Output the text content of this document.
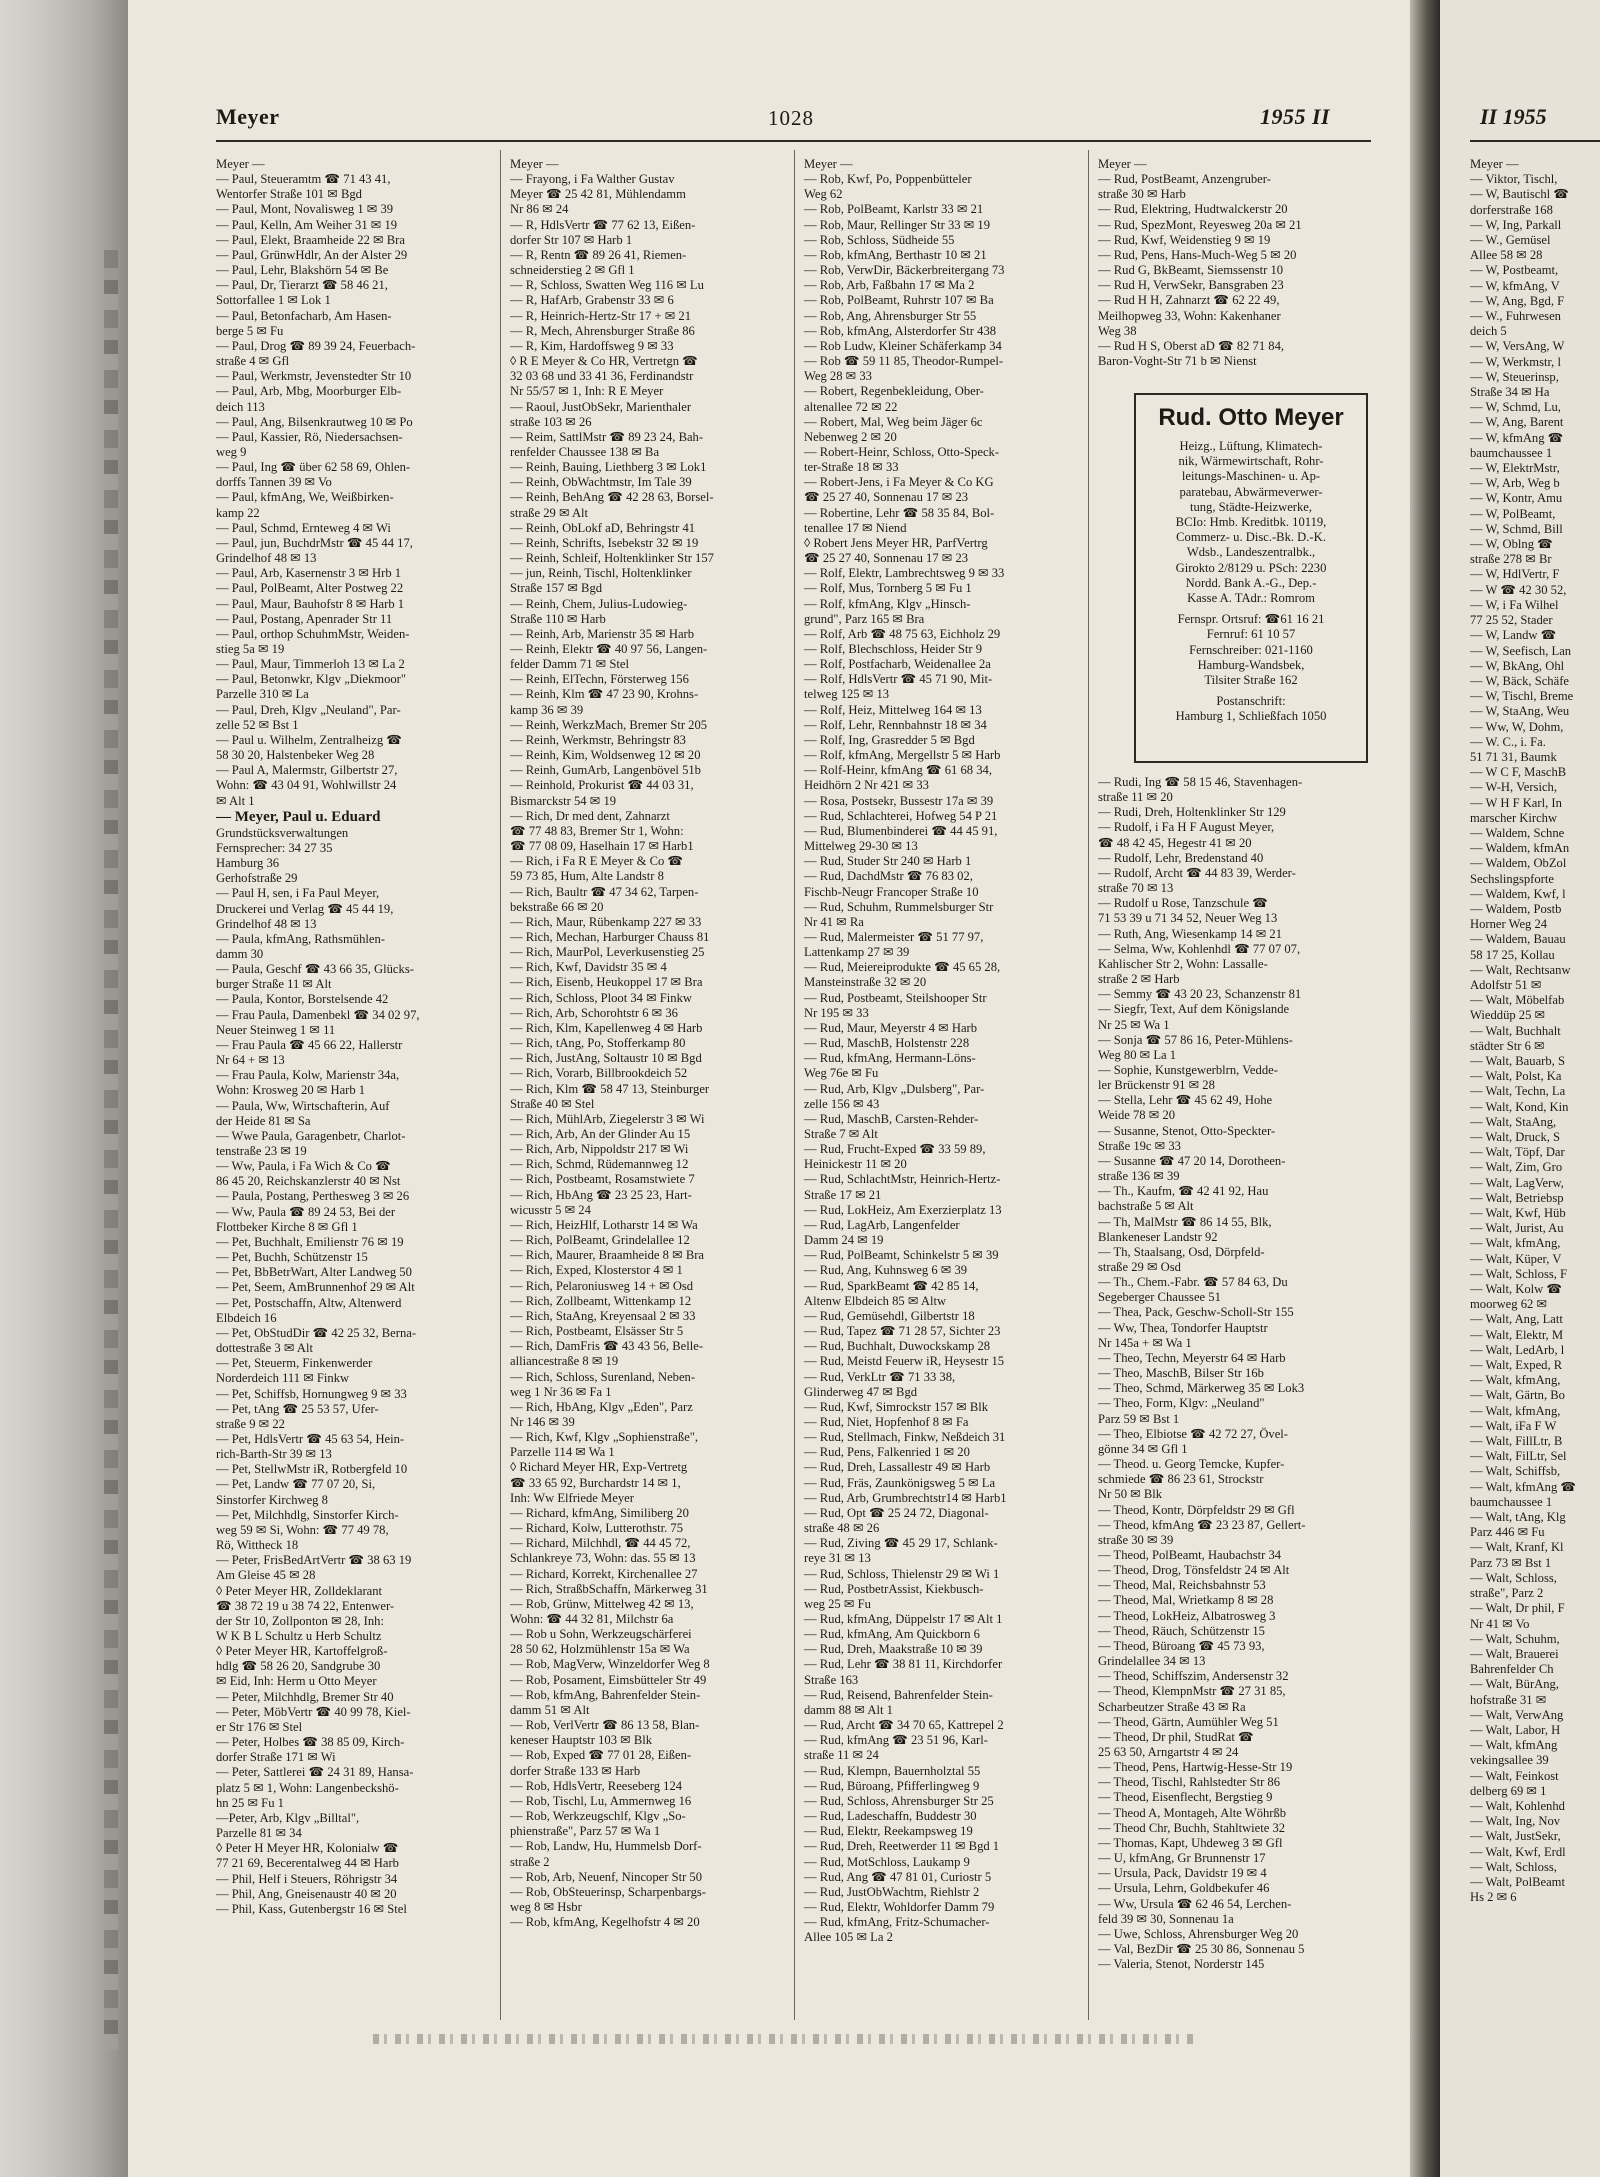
Meyer	1028	1955 II
Meyer —
— Paul, Steueramtm ☎ 71 43 41,
Wentorfer Straße 101 ✉ Bgd
— Paul, Mont, Novalisweg 1 ✉ 39
— Paul, Kelln, Am Weiher 31 ✉ 19
— Paul, Elekt, Braamheide 22 ✉ Bra
— Paul, GrünwHdlr, An der Alster 29
— Paul, Lehr, Blakshörn 54 ✉ Be
— Paul, Dr, Tierarzt ☎ 58 46 21,
Sottorfallee 1 ✉ Lok 1
— Paul, Betonfacharb, Am Hasen-
berge 5 ✉ Fu
— Paul, Drog ☎ 89 39 24, Feuerbach-
straße 4 ✉ Gfl
— Paul, Werkmstr, Jevenstedter Str 10
— Paul, Arb, Mbg, Moorburger Elb-
deich 113
— Paul, Ang, Bilsenkrautweg 10 ✉ Po
— Paul, Kassier, Rö, Niedersachsen-
weg 9
— Paul, Ing ☎ über 62 58 69, Ohlen-
dorffs Tannen 39 ✉ Vo
— Paul, kfmAng, We, Weißbirken-
kamp 22
— Paul, Schmd, Ernteweg 4 ✉ Wi
— Paul, jun, BuchdrMstr ☎ 45 44 17,
Grindelhof 48 ✉ 13
— Paul, Arb, Kasernenstr 3 ✉ Hrb 1
— Paul, PolBeamt, Alter Postweg 22
— Paul, Maur, Bauhofstr 8 ✉ Harb 1
— Paul, Postang, Apenrader Str 11
— Paul, orthop SchuhmMstr, Weiden-
stieg 5a ✉ 19
— Paul, Maur, Timmerloh 13 ✉ La 2
— Paul, Betonwkr, Klgv „Diekmoor"
Parzelle 310 ✉ La
— Paul, Dreh, Klgv „Neuland", Par-
zelle 52 ✉ Bst 1
— Paul u. Wilhelm, Zentralheizg ☎
58 30 20, Halstenbeker Weg 28
— Paul A, Malermstr, Gilbertstr 27,
Wohn: ☎ 43 04 91, Wohlwillstr 24
✉ Alt 1
— Meyer, Paul u. Eduard
Grundstücksverwaltungen
Fernsprecher: 34 27 35
Hamburg 36
Gerhofstraße 29
— Paul H, sen, i Fa Paul Meyer,
Druckerei und Verlag ☎ 45 44 19,
Grindelhof 48 ✉ 13
— Paula, kfmAng, Rathsmühlen-
damm 30
— Paula, Geschf ☎ 43 66 35, Glücks-
burger Straße 11 ✉ Alt
— Paula, Kontor, Borstelsende 42
— Frau Paula, Damenbekl ☎ 34 02 97,
Neuer Steinweg 1 ✉ 11
— Frau Paula ☎ 45 66 22, Hallerstr
Nr 64 + ✉ 13
— Frau Paula, Kolw, Marienstr 34a,
Wohn: Krosweg 20 ✉ Harb 1
— Paula, Ww, Wirtschafterin, Auf
der Heide 81 ✉ Sa
— Wwe Paula, Garagenbetr, Charlot-
tenstraße 23 ✉ 19
— Ww, Paula, i Fa Wich & Co ☎
86 45 20, Reichskanzlerstr 40 ✉ Nst
— Paula, Postang, Perthesweg 3 ✉ 26
— Ww, Paula ☎ 89 24 53, Bei der
Flottbeker Kirche 8 ✉ Gfl 1
— Pet, Buchhalt, Emilienstr 76 ✉ 19
— Pet, Buchh, Schützenstr 15
— Pet, BbBetrWart, Alter Landweg 50
— Pet, Seem, AmBrunnenhof 29 ✉ Alt
— Pet, Postschaffn, Altw, Altenwerd
Elbdeich 16
— Pet, ObStudDir ☎ 42 25 32, Berna-
dottestraße 3 ✉ Alt
— Pet, Steuerm, Finkenwerder
Norderdeich 111 ✉ Finkw
— Pet, Schiffsb, Hornungweg 9 ✉ 33
— Pet, tAng ☎ 25 53 57, Ufer-
straße 9 ✉ 22
— Pet, HdlsVertr ☎ 45 63 54, Hein-
rich-Barth-Str 39 ✉ 13
— Pet, StellwMstr iR, Rotbergfeld 10
— Pet, Landw ☎ 77 07 20, Si,
Sinstorfer Kirchweg 8
— Pet, Milchhdlg, Sinstorfer Kirch-
weg 59 ✉ Si, Wohn: ☎ 77 49 78,
Rö, Wittheck 18
— Peter, FrisBedArtVertr ☎ 38 63 19
Am Gleise 45 ✉ 28
◊ Peter Meyer HR, Zolldeklarant
☎ 38 72 19 u 38 74 22, Entenwer-
der Str 10, Zollponton ✉ 28, Inh:
W K B L Schultz u Herb Schultz
◊ Peter Meyer HR, Kartoffelgroß-
hdlg ☎ 58 26 20, Sandgrube 30
✉ Eid, Inh: Herm u Otto Meyer
— Peter, Milchhdlg, Bremer Str 40
— Peter, MöbVertr ☎ 40 99 78, Kiel-
er Str 176 ✉ Stel
— Peter, Holbes ☎ 38 85 09, Kirch-
dorfer Straße 171 ✉ Wi
— Peter, Sattlerei ☎ 24 31 89, Hansa-
platz 5 ✉ 1, Wohn: Langenbeckshö-
hn 25 ✉ Fu 1
—Peter, Arb, Klgv „Billtal",
Parzelle 81 ✉ 34
◊ Peter H Meyer HR, Kolonialw ☎
77 21 69, Becerentalweg 44 ✉ Harb
— Phil, Helf i Steuers, Röhrigstr 34
— Phil, Ang, Gneisenaustr 40 ✉ 20
— Phil, Kass, Gutenbergstr 16 ✉ Stel
Meyer —
— Frayong, i Fa Walther Gustav
Meyer ☎ 25 42 81, Mühlendamm
Nr 86 ✉ 24
— R, HdlsVertr ☎ 77 62 13, Eißen-
dorfer Str 107 ✉ Harb 1
— R, Rentn ☎ 89 26 41, Riemen-
schneiderstieg 2 ✉ Gfl 1
— R, Schloss, Swatten Weg 116 ✉ Lu
— R, HafArb, Grabenstr 33 ✉ 6
— R, Heinrich-Hertz-Str 17 + ✉ 21
— R, Mech, Ahrensburger Straße 86
— R, Kim, Hardoffsweg 9 ✉ 33
◊ R E Meyer & Co HR, Vertretgn ☎
32 03 68 und 33 41 36, Ferdinandstr
Nr 55/57 ✉ 1, Inh: R E Meyer
— Raoul, JustObSekr, Marienthaler
straße 103 ✉ 26
— Reim, SattlMstr ☎ 89 23 24, Bah-
renfelder Chaussee 138 ✉ Ba
— Reinh, Bauing, Liethberg 3 ✉ Lok1
— Reinh, ObWachtmstr, Im Tale 39
— Reinh, BehAng ☎ 42 28 63, Borsel-
straße 29 ✉ Alt
— Reinh, ObLokf aD, Behringstr 41
— Reinh, Schrifts, Isebekstr 32 ✉ 19
— Reinh, Schleif, Holtenklinker Str 157
— jun, Reinh, Tischl, Holtenklinker
Straße 157 ✉ Bgd
— Reinh, Chem, Julius-Ludowieg-
Straße 110 ✉ Harb
— Reinh, Arb, Marienstr 35 ✉ Harb
— Reinh, Elektr ☎ 40 97 56, Langen-
felder Damm 71 ✉ Stel
— Reinh, ElTechn, Försterweg 156
— Reinh, Klm ☎ 47 23 90, Krohns-
kamp 36 ✉ 39
— Reinh, WerkzMach, Bremer Str 205
— Reinh, Werkmstr, Behringstr 83
— Reinh, Kim, Woldsenweg 12 ✉ 20
— Reinh, GumArb, Langenbövel 51b
— Reinhold, Prokurist ☎ 44 03 31,
Bismarckstr 54 ✉ 19
— Rich, Dr med dent, Zahnarzt
☎ 77 48 83, Bremer Str 1, Wohn:
☎ 77 08 09, Haselhain 17 ✉ Harb1
— Rich, i Fa R E Meyer & Co ☎
59 73 85, Hum, Alte Landstr 8
— Rich, Baultr ☎ 47 34 62, Tarpen-
bekstraße 66 ✉ 20
— Rich, Maur, Rübenkamp 227 ✉ 33
— Rich, Mechan, Harburger Chauss 81
— Rich, MaurPol, Leverkusenstieg 25
— Rich, Kwf, Davidstr 35 ✉ 4
— Rich, Eisenb, Heukoppel 17 ✉ Bra
— Rich, Schloss, Ploot 34 ✉ Finkw
— Rich, Arb, Schorohtstr 6 ✉ 36
— Rich, Klm, Kapellenweg 4 ✉ Harb
— Rich, tAng, Po, Stofferkamp 80
— Rich, JustAng, Soltaustr 10 ✉ Bgd
— Rich, Vorarb, Billbrookdeich 52
— Rich, Klm ☎ 58 47 13, Steinburger
Straße 40 ✉ Stel
— Rich, MühlArb, Ziegelerstr 3 ✉ Wi
— Rich, Arb, An der Glinder Au 15
— Rich, Arb, Nippoldstr 217 ✉ Wi
— Rich, Schmd, Rüdemannweg 12
— Rich, Postbeamt, Rosamstwiete 7
— Rich, HbAng ☎ 23 25 23, Hart-
wicusstr 5 ✉ 24
— Rich, HeizHlf, Lotharstr 14 ✉ Wa
— Rich, PolBeamt, Grindelallee 12
— Rich, Maurer, Braamheide 8 ✉ Bra
— Rich, Exped, Klosterstor 4 ✉ 1
— Rich, Pelaroniusweg 14 + ✉ Osd
— Rich, Zollbeamt, Wittenkamp 12
— Rich, StaAng, Kreyensaal 2 ✉ 33
— Rich, Postbeamt, Elsässer Str 5
— Rich, DamFris ☎ 43 43 56, Belle-
alliancestraße 8 ✉ 19
— Rich, Schloss, Surenland, Neben-
weg 1 Nr 36 ✉ Fa 1
— Rich, HbAng, Klgv „Eden", Parz
Nr 146 ✉ 39
— Rich, Kwf, Klgv „Sophienstraße",
Parzelle 114 ✉ Wa 1
◊ Richard Meyer HR, Exp-Vertretg
☎ 33 65 92, Burchardstr 14 ✉ 1,
Inh: Ww Elfriede Meyer
— Richard, kfmAng, Similiberg 20
— Richard, Kolw, Lutterothstr. 75
— Richard, Milchhdl, ☎ 44 45 72,
Schlankreye 73, Wohn: das. 55 ✉ 13
— Richard, Korrekt, Kirchenallee 27
— Rich, StraßbSchaffn, Märkerweg 31
— Rob, Grünw, Mittelweg 42 ✉ 13,
Wohn: ☎ 44 32 81, Milchstr 6a
— Rob u Sohn, Werkzeugschärferei
28 50 62, Holzmühlenstr 15a ✉ Wa
— Rob, MagVerw, Winzeldorfer Weg 8
— Rob, Posament, Eimsbütteler Str 49
— Rob, kfmAng, Bahrenfelder Stein-
damm 51 ✉ Alt
— Rob, VerlVertr ☎ 86 13 58, Blan-
keneser Hauptstr 103 ✉ Blk
— Rob, Exped ☎ 77 01 28, Eißen-
dorfer Straße 133 ✉ Harb
— Rob, HdlsVertr, Reeseberg 124
— Rob, Tischl, Lu, Ammernweg 16
— Rob, Werkzeugschlf, Klgv „So-
phienstraße", Parz 57 ✉ Wa 1
— Rob, Landw, Hu, Hummelsb Dorf-
straße 2
— Rob, Arb, Neuenf, Nincoper Str 50
— Rob, ObSteuerinsp, Scharpenbargs-
weg 8 ✉ Hsbr
— Rob, kfmAng, Kegelhofstr 4 ✉ 20
Meyer —
— Rob, Kwf, Po, Poppenbütteler
Weg 62
— Rob, PolBeamt, Karlstr 33 ✉ 21
— Rob, Maur, Rellinger Str 33 ✉ 19
— Rob, Schloss, Südheide 55
— Rob, kfmAng, Berthastr 10 ✉ 21
— Rob, VerwDir, Bäckerbreitergang 73
— Rob, Arb, Faßbahn 17 ✉ Ma 2
— Rob, PolBeamt, Ruhrstr 107 ✉ Ba
— Rob, Ang, Ahrensburger Str 55
— Rob, kfmAng, Alsterdorfer Str 438
— Rob Ludw, Kleiner Schäferkamp 34
— Rob ☎ 59 11 85, Theodor-Rumpel-
Weg 28 ✉ 33
— Robert, Regenbekleidung, Ober-
altenallee 72 ✉ 22
— Robert, Mal, Weg beim Jäger 6c
Nebenweg 2 ✉ 20
— Robert-Heinr, Schloss, Otto-Speck-
ter-Straße 18 ✉ 33
— Robert-Jens, i Fa Meyer & Co KG
☎ 25 27 40, Sonnenau 17 ✉ 23
— Robertine, Lehr ☎ 58 35 84, Bol-
tenallee 17 ✉ Niend
◊ Robert Jens Meyer HR, ParfVertrg
☎ 25 27 40, Sonnenau 17 ✉ 23
— Rolf, Elektr, Lambrechtsweg 9 ✉ 33
— Rolf, Mus, Tornberg 5 ✉ Fu 1
— Rolf, kfmAng, Klgv „Hinsch-
grund", Parz 165 ✉ Bra
— Rolf, Arb ☎ 48 75 63, Eichholz 29
— Rolf, Blechschloss, Heider Str 9
— Rolf, Postfacharb, Weidenallee 2a
— Rolf, HdlsVertr ☎ 45 71 90, Mit-
telweg 125 ✉ 13
— Rolf, Heiz, Mittelweg 164 ✉ 13
— Rolf, Lehr, Rennbahnstr 18 ✉ 34
— Rolf, Ing, Grasredder 5 ✉ Bgd
— Rolf, kfmAng, Mergellstr 5 ✉ Harb
— Rolf-Heinr, kfmAng ☎ 61 68 34,
Heidhörn 2 Nr 421 ✉ 33
— Rosa, Postsekr, Bussestr 17a ✉ 39
— Rud, Schlachterei, Hofweg 54 P 21
— Rud, Blumenbinderei ☎ 44 45 91,
Mittelweg 29-30 ✉ 13
— Rud, Studer Str 240 ✉ Harb 1
— Rud, DachdMstr ☎ 76 83 02,
Fischb-Neugr Francoper Straße 10
— Rud, Schuhm, Rummelsburger Str
Nr 41 ✉ Ra
— Rud, Malermeister ☎ 51 77 97,
Lattenkamp 27 ✉ 39
— Rud, Meiereiprodukte ☎ 45 65 28,
Mansteinstraße 32 ✉ 20
— Rud, Postbeamt, Steilshooper Str
Nr 195 ✉ 33
— Rud, Maur, Meyerstr 4 ✉ Harb
— Rud, MaschB, Holstenstr 228
— Rud, kfmAng, Hermann-Löns-
Weg 76e ✉ Fu
— Rud, Arb, Klgv „Dulsberg", Par-
zelle 156 ✉ 43
— Rud, MaschB, Carsten-Rehder-
Straße 7 ✉ Alt
— Rud, Frucht-Exped ☎ 33 59 89,
Heinickestr 11 ✉ 20
— Rud, SchlachtMstr, Heinrich-Hertz-
Straße 17 ✉ 21
— Rud, LokHeiz, Am Exerzierplatz 13
— Rud, LagArb, Langenfelder
Damm 24 ✉ 19
— Rud, PolBeamt, Schinkelstr 5 ✉ 39
— Rud, Ang, Kuhnsweg 6 ✉ 39
— Rud, SparkBeamt ☎ 42 85 14,
Altenw Elbdeich 85 ✉ Altw
— Rud, Gemüsehdl, Gilbertstr 18
— Rud, Tapez ☎ 71 28 57, Sichter 23
— Rud, Buchhalt, Duwockskamp 28
— Rud, Meistd Feuerw iR, Heysestr 15
— Rud, VerkLtr ☎ 71 33 38,
Glinderweg 47 ✉ Bgd
— Rud, Kwf, Simrockstr 157 ✉ Blk
— Rud, Niet, Hopfenhof 8 ✉ Fa
— Rud, Stellmach, Finkw, Neßdeich 31
— Rud, Pens, Falkenried 1 ✉ 20
— Rud, Dreh, Lassallestr 49 ✉ Harb
— Rud, Fräs, Zaunkönigsweg 5 ✉ La
— Rud, Arb, Grumbrechtstr14 ✉ Harb1
— Rud, Opt ☎ 25 24 72, Diagonal-
straße 48 ✉ 26
— Rud, Ziving ☎ 45 29 17, Schlank-
reye 31 ✉ 13
— Rud, Schloss, Thielenstr 29 ✉ Wi 1
— Rud, PostbetrAssist, Kiekbusch-
weg 25 ✉ Fu
— Rud, kfmAng, Düppelstr 17 ✉ Alt 1
— Rud, kfmAng, Am Quickborn 6
— Rud, Dreh, Maakstraße 10 ✉ 39
— Rud, Lehr ☎ 38 81 11, Kirchdorfer
Straße 163
— Rud, Reisend, Bahrenfelder Stein-
damm 88 ✉ Alt 1
— Rud, Archt ☎ 34 70 65, Kattrepel 2
— Rud, kfmAng ☎ 23 51 96, Karl-
straße 11 ✉ 24
— Rud, Klempn, Bauernholztal 55
— Rud, Büroang, Pfifferlingweg 9
— Rud, Schloss, Ahrensburger Str 25
— Rud, Ladeschaffn, Buddestr 30
— Rud, Elektr, Reekampsweg 19
— Rud, Dreh, Reetwerder 11 ✉ Bgd 1
— Rud, MotSchloss, Laukamp 9
— Rud, Ang ☎ 47 81 01, Curiostr 5
— Rud, JustObWachtm, Riehlstr 2
— Rud, Elektr, Wohldorfer Damm 79
— Rud, kfmAng, Fritz-Schumacher-
Allee 105 ✉ La 2
Meyer —
— Rud, PostBeamt, Anzengruber-
straße 30 ✉ Harb
— Rud, Elektring, Hudtwalckerstr 20
— Rud, SpezMont, Reyesweg 20a ✉ 21
— Rud, Kwf, Weidenstieg 9 ✉ 19
— Rud, Pens, Hans-Much-Weg 5 ✉ 20
— Rud G, BkBeamt, Siemssenstr 10
— Rud H, VerwSekr, Bansgraben 23
— Rud H H, Zahnarzt ☎ 62 22 49,
Meilhopweg 33, Wohn: Kakenhaner
Weg 38
— Rud H S, Oberst aD ☎ 82 71 84,
Baron-Voght-Str 71 b ✉ Nienst
Rud. Otto Meyer
Heizg., Lüftung, Klimatech-
nik, Wärmewirtschaft, Rohr-
leitungs-Maschinen- u. Ap-
paratebau, Abwärmeverwer-
tung, Städte-Heizwerke,
BCIo: Hmb. Kreditbk. 10119,
Commerz- u. Disc.-Bk. D.-K.
Wdsb., Landeszentralbk.,
Girokto 2/8129 u. PSch: 2230
Nordd. Bank A.-G., Dep.-
Kasse A. TAdr.: Romrom
Fernspr. Ortsruf: ☎61 16 21
Fernruf: 61 10 57
Fernschreiber: 021-1160
Hamburg-Wandsbek,
Tilsiter Straße 162
Postanschrift:
Hamburg 1, Schließfach 1050
— Rudi, Ing ☎ 58 15 46, Stavenhagen-
straße 11 ✉ 20
— Rudi, Dreh, Holtenklinker Str 129
— Rudolf, i Fa H F August Meyer,
☎ 48 42 45, Hegestr 41 ✉ 20
— Rudolf, Lehr, Bredenstand 40
— Rudolf, Archt ☎ 44 83 39, Werder-
straße 70 ✉ 13
— Rudolf u Rose, Tanzschule ☎
71 53 39 u 71 34 52, Neuer Weg 13
— Ruth, Ang, Wiesenkamp 14 ✉ 21
— Selma, Ww, Kohlenhdl ☎ 77 07 07,
Kahlischer Str 2, Wohn: Lassalle-
straße 2 ✉ Harb
— Semmy ☎ 43 20 23, Schanzenstr 81
— Siegfr, Text, Auf dem Königslande
Nr 25 ✉ Wa 1
— Sonja ☎ 57 86 16, Peter-Mühlens-
Weg 80 ✉ La 1
— Sophie, Kunstgewerblrn, Vedde-
ler Brückenstr 91 ✉ 28
— Stella, Lehr ☎ 45 62 49, Hohe
Weide 78 ✉ 20
— Susanne, Stenot, Otto-Speckter-
Straße 19c ✉ 33
— Susanne ☎ 47 20 14, Dorotheen-
straße 136 ✉ 39
— Th., Kaufm, ☎ 42 41 92, Hau
bachstraße 5 ✉ Alt
— Th, MalMstr ☎ 86 14 55, Blk,
Blankeneser Landstr 92
— Th, Staalsang, Osd, Dörpfeld-
straße 29 ✉ Osd
— Th., Chem.-Fabr. ☎ 57 84 63, Du
Segeberger Chaussee 51
— Thea, Pack, Geschw-Scholl-Str 155
— Ww, Thea, Tondorfer Hauptstr
Nr 145a + ✉ Wa 1
— Theo, Techn, Meyerstr 64 ✉ Harb
— Theo, MaschB, Bilser Str 16b
— Theo, Schmd, Märkerweg 35 ✉ Lok3
— Theo, Form, Klgv: „Neuland"
Parz 59 ✉ Bst 1
— Theo, Elbiotse ☎ 42 72 27, Övel-
gönne 34 ✉ Gfl 1
— Theod. u. Georg Temcke, Kupfer-
schmiede ☎ 86 23 61, Strockstr
Nr 50 ✉ Blk
— Theod, Kontr, Dörpfeldstr 29 ✉ Gfl
— Theod, kfmAng ☎ 23 23 87, Gellert-
straße 30 ✉ 39
— Theod, PolBeamt, Haubachstr 34
— Theod, Drog, Tönsfeldstr 24 ✉ Alt
— Theod, Mal, Reichsbahnstr 53
— Theod, Mal, Wrietkamp 8 ✉ 28
— Theod, LokHeiz, Albatrosweg 3
— Theod, Räuch, Schützenstr 15
— Theod, Büroang ☎ 45 73 93,
Grindelallee 34 ✉ 13
— Theod, Schiffszim, Andersenstr 32
— Theod, KlempnMstr ☎ 27 31 85,
Scharbeutzer Straße 43 ✉ Ra
— Theod, Gärtn, Aumühler Weg 51
— Theod, Dr phil, StudRat ☎
25 63 50, Arngartstr 4 ✉ 24
— Theod, Pens, Hartwig-Hesse-Str 19
— Theod, Tischl, Rahlstedter Str 86
— Theod, Eisenflecht, Bergstieg 9
— Theod A, Montageh, Alte Wöhrßb
— Theod Chr, Buchh, Stahltwiete 32
— Thomas, Kapt, Uhdeweg 3 ✉ Gfl
— U, kfmAng, Gr Brunnenstr 17
— Ursula, Pack, Davidstr 19 ✉ 4
— Ursula, Lehrn, Goldbekufer 46
— Ww, Ursula ☎ 62 46 54, Lerchen-
feld 39 ✉ 30, Sonnenau 1a
— Uwe, Schloss, Ahrensburger Weg 20
— Val, BezDir ☎ 25 30 86, Sonnenau 5
— Valeria, Stenot, Norderstr 145
II 1955
Meyer —
— Viktor, Tischl,
— W, Bautischl ☎
dorferstraße 168
— W, Ing, Parkall
— W., Gemüsel
Allee 58 ✉ 28
— W, Postbeamt,
— W, kfmAng, V
— W, Ang, Bgd, F
— W., Fuhrwesen
deich 5
— W, VersAng, W
— W, Werkmstr, l
— W, Steuerinsp,
Straße 34 ✉ Ha
— W, Schmd, Lu,
— W, Ang, Barent
— W, kfmAng ☎
baumchaussee 1
— W, ElektrMstr,
— W, Arb, Weg b
— W, Kontr, Amu
— W, PolBeamt,
— W, Schmd, Bill
— W, Oblng ☎
straße 278 ✉ Br
— W, HdlVertr, F
— W ☎ 42 30 52,
— W, i Fa Wilhel
77 25 52, Stader
— W, Landw ☎
— W, Seefisch, Lan
— W, BkAng, Ohl
— W, Bäck, Schäfe
— W, Tischl, Breme
— W, StaAng, Weu
— Ww, W, Dohm,
— W. C., i. Fa.
51 71 31, Baumk
— W C F, MaschB
— W-H, Versich,
— W H F Karl, In
marscher Kirchw
— Waldem, Schne
— Waldem, kfmAn
— Waldem, ObZol
Sechslingspforte
— Waldem, Kwf, l
— Waldem, Postb
Horner Weg 24
— Waldem, Bauau
58 17 25, Kollau
— Walt, Rechtsanw
Adolfstr 51 ✉
— Walt, Möbelfab
Wieddüp 25 ✉
— Walt, Buchhalt
städter Str 6 ✉
— Walt, Bauarb, S
— Walt, Polst, Ka
— Walt, Techn, La
— Walt, Kond, Kin
— Walt, StaAng,
— Walt, Druck, S
— Walt, Töpf, Dar
— Walt, Zim, Gro
— Walt, LagVerw,
— Walt, Betriebsp
— Walt, Kwf, Hüb
— Walt, Jurist, Au
— Walt, kfmAng,
— Walt, Küper, V
— Walt, Schloss, F
— Walt, Kolw ☎
moorweg 62 ✉
— Walt, Ang, Latt
— Walt, Elektr, M
— Walt, LedArb, l
— Walt, Exped, R
— Walt, kfmAng,
— Walt, Gärtn, Bo
— Walt, kfmAng,
— Walt, iFa F W
— Walt, FillLtr, B
— Walt, FilLtr, Sel
— Walt, Schiffsb,
— Walt, kfmAng ☎
baumchaussee 1
— Walt, tAng, Klg
Parz 446 ✉ Fu
— Walt, Kranf, Kl
Parz 73 ✉ Bst 1
— Walt, Schloss,
straße", Parz 2
— Walt, Dr phil, F
Nr 41 ✉ Vo
— Walt, Schuhm,
— Walt, Brauerei
Bahrenfelder Ch
— Walt, BürAng,
hofstraße 31 ✉
— Walt, VerwAng
— Walt, Labor, H
— Walt, kfmAng
vekingsallee 39
— Walt, Feinkost
delberg 69 ✉ 1
— Walt, Kohlenhd
— Walt, Ing, Nov
— Walt, JustSekr,
— Walt, Kwf, Erdl
— Walt, Schloss,
— Walt, PolBeamt
Hs 2 ✉ 6
